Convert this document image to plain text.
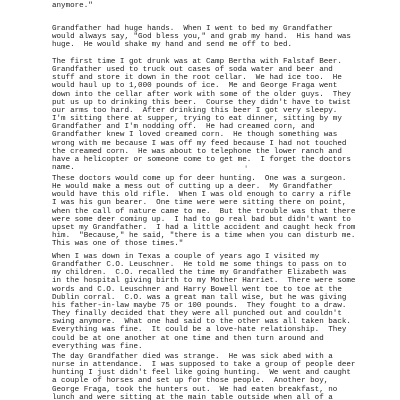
anymore."

Grandfather had huge hands.  When I went to bed my Grandfather
would always say, "God bless you," and grab my hand.  His hand was
huge.  He would shake my hand and send me off to bed.

The first time I got drunk was at Camp Bertha with Falstaf Beer.
Grandfather used to truck out cases of soda water and beer and
stuff and store it down in the root cellar.  We had ice too.  He
would haul up to 1,000 pounds of ice.  Me and George Fraga went
down into the cellar after work with some of the older guys.  They
put us up to drinking this beer.  Course they didn't have to twist
our arms too hard.  After drinking this beer I got very sleepy.
I'm sitting there at supper, trying to eat dinner, sitting by my
Grandfather and I'm nodding off.  He had creamed corn, and
Grandfather knew I loved creamed corn.  He though something was
wrong with me because I was off my feed because I had not touched
the creamed corn.  He was about to telephone the lower ranch and
have a helicopter or someone come to get me.  I forget the doctors
name.	'

These doctors would come up for deer hunting.  One was a surgeon.
He would make a mess out of cutting up a deer.  My Grandfather
would have this old rifle.  When I was old enough to carry a rifle
I was his gun bearer.  One time were were sitting there on point,
when the call of nature came to me.  But the trouble was that there
were some deer coming up.  I had to go real bad but didn't want to
upset my Grandfather.  I had a little accident and caught heck from
him.  "Because," he said, "there is a time when you can disturb me.
This was one of those times."

When I was down in Texas a couple of years ago I visited my
Grandfather C.O. Leuschner.  He told me some things to pass on to
my children.  C.O. recalled the time my Grandfather Elizabeth was
in the hospital giving birth to my Mother Harriet.  There were some
words and C.O. Leuschner and Harry Bowell went toe to toe at the
Dublin corral.  C.O. was a great man tall wise, but he was giving
his father-in-law maybe 75 or 100 pounds.  They fought to a draw.
They finally decided that they were all punched out and couldn't
swing anymore.  What one had said to the other was all taken back.
Everything was fine.  It could be a love-hate relationship.  They
could be at one another at one time and then turn around and
everything was fine.

The day Grandfather died was strange.  He was sick abed with a
nurse in attendance.  I was supposed to take a group of people deer
hunting I just didn't feel like going hunting.  We went and caught
a couple of horses and set up for those people.  Another boy,
George Fraga, took the hunters out.  We had eaten breakfast, no
lunch and were sitting at the main table outside when all of a
